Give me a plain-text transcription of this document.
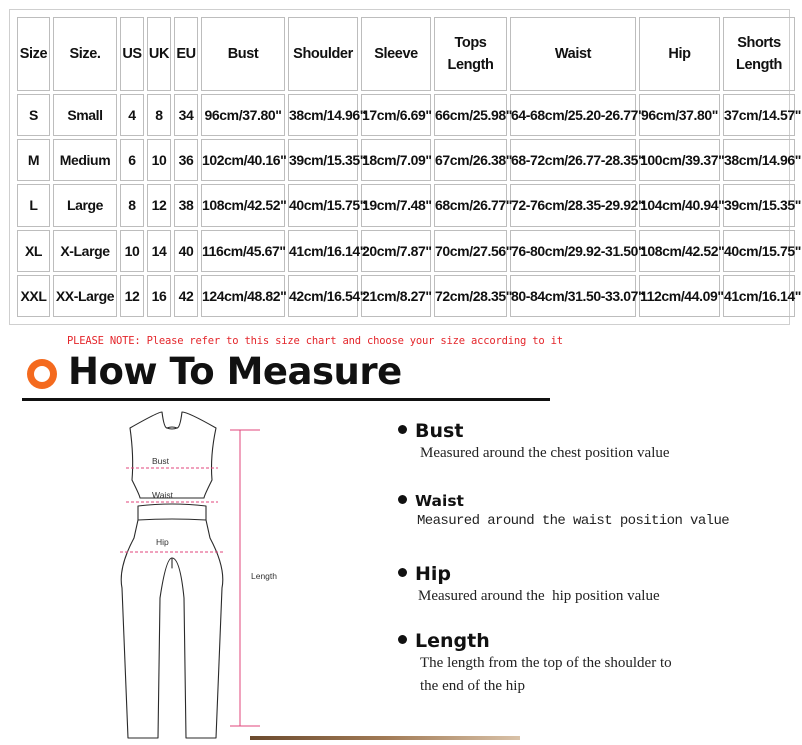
Size	Size.	US	UK	EU	Bust	Shoulder	Sleeve	Tops Length	Waist	Hip	Shorts Length
S	Small	4	8	34	96cm/37.80"	38cm/14.96"	17cm/6.69"	66cm/25.98"	64-68cm/25.20-26.77"	96cm/37.80"	37cm/14.57"
M	Medium	6	10	36	102cm/40.16"	39cm/15.35"	18cm/7.09"	67cm/26.38"	68-72cm/26.77-28.35"	100cm/39.37"	38cm/14.96"
L	Large	8	12	38	108cm/42.52"	40cm/15.75"	19cm/7.48"	68cm/26.77"	72-76cm/28.35-29.92"	104cm/40.94"	39cm/15.35"
XL	X-Large	10	14	40	116cm/45.67"	41cm/16.14"	20cm/7.87"	70cm/27.56"	76-80cm/29.92-31.50"	108cm/42.52"	40cm/15.75"
XXL	XX-Large	12	16	42	124cm/48.82"	42cm/16.54"	21cm/8.27"	72cm/28.35"	80-84cm/31.50-33.07"	112cm/44.09"	41cm/16.14"
PLEASE NOTE: Please refer to this size chart and choose your size according to it
How To Measure
Bust
Waist
Hip
Length
Bust
Measured around the chest position value
Waist
Measured around the waist position value
Hip
Measured around the  hip position value
Length
The length from the top of the shoulder to
the end of the hip
